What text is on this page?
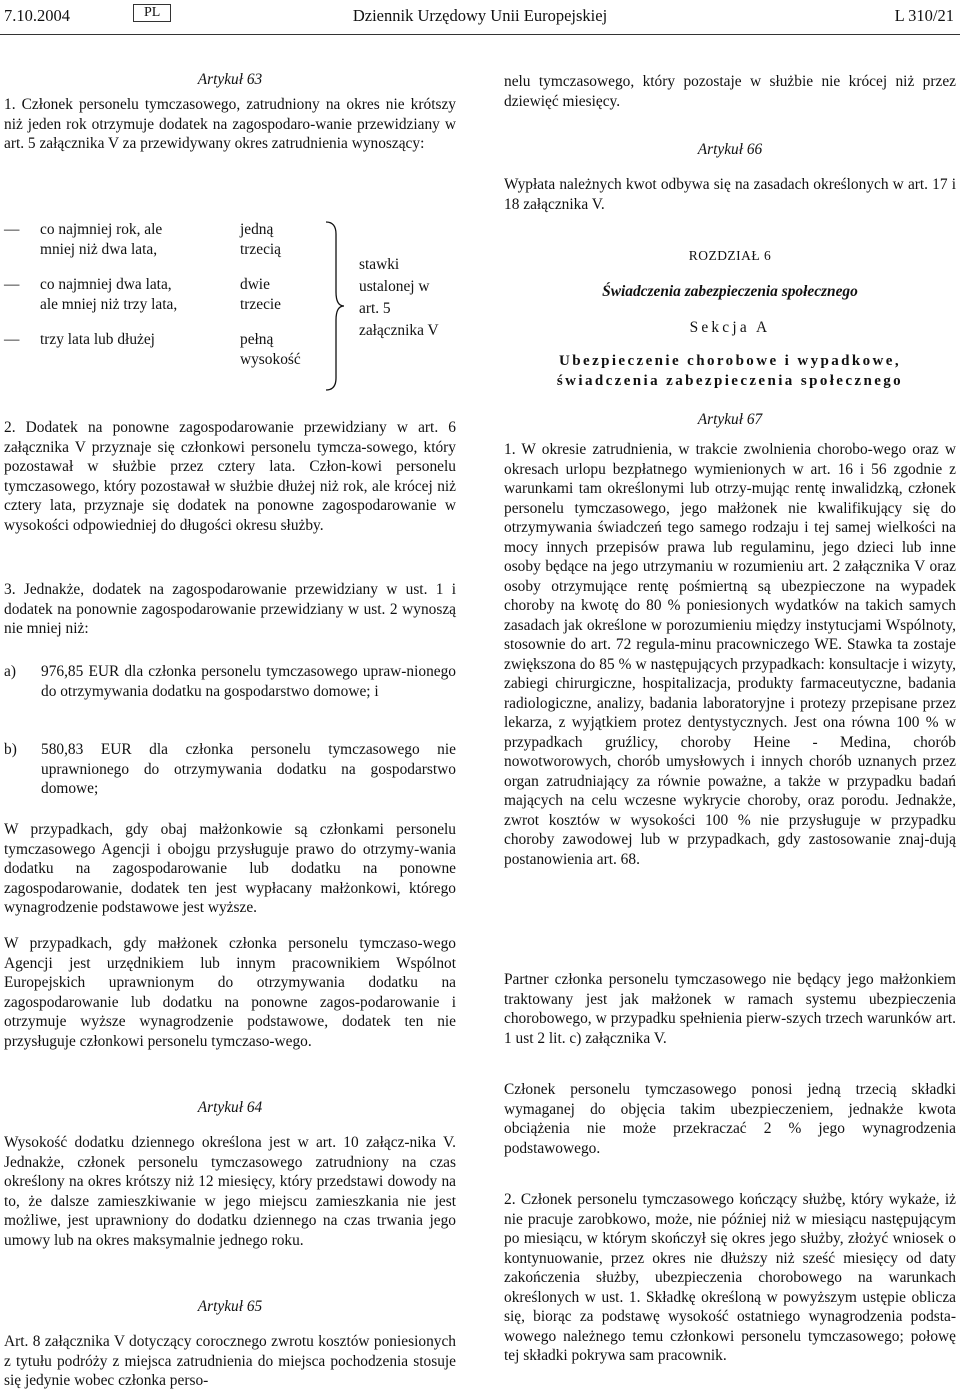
7.10.2004	PL	Dziennik Urzędowy Unii Europejskiej	L 310/21

Artykuł 63

1. Członek personelu tymczasowego, zatrudniony na okres nie krótszy niż jeden rok otrzymuje dodatek na zagospodaro-wanie przewidziany w art. 5 załącznika V za przewidywany okres zatrudnienia wynoszący:

— co najmniej rok, ale	jedną
mniej niż dwa lata,	trzecią
— co najmniej dwa lata,	dwie
ale mniej niż trzy lata,	trzecie
— trzy lata lub dłużej	pełną
wysokość
stawki
ustalonej w
art. 5
załącznika V

2. Dodatek na ponowne zagospodarowanie przewidziany w art. 6 załącznika V przyznaje się członkowi personelu tymcza-sowego, który pozostawał w służbie przez cztery lata. Człon-kowi personelu tymczasowego, który pozostawał w służbie dłużej niż rok, ale krócej niż cztery lata, przyznaje się dodatek na ponowne zagospodarowanie w wysokości odpowiedniej do długości okresu służby.

3. Jednakże, dodatek na zagospodarowanie przewidziany w ust. 1 i dodatek na ponownie zagospodarowanie przewidziany w ust. 2 wynoszą nie mniej niż:

a) 976,85 EUR dla członka personelu tymczasowego upraw-nionego do otrzymywania dodatku na gospodarstwo domowe; i

b) 580,83 EUR dla członka personelu tymczasowego nie uprawnionego do otrzymywania dodatku na gospodarstwo domowe;

W przypadkach, gdy obaj małżonkowie są członkami personelu tymczasowego Agencji i obojgu przysługuje prawo do otrzymy-wania dodatku na zagospodarowanie lub dodatku na ponowne zagospodarowanie, dodatek ten jest wypłacany małżonkowi, którego wynagrodzenie podstawowe jest wyższe.

W przypadkach, gdy małżonek członka personelu tymczaso-wego Agencji jest urzędnikiem lub innym pracownikiem Wspólnot Europejskich uprawnionym do otrzymywania dodatku na zagospodarowanie lub dodatku na ponowne zagos-podarowanie i otrzymuje wyższe wynagrodzenie podstawowe, dodatek ten nie przysługuje członkowi personelu tymczaso-wego.

Artykuł 64

Wysokość dodatku dziennego określona jest w art. 10 załącz-nika V. Jednakże, członek personelu tymczasowego zatrudniony na czas określony na okres krótszy niż 12 miesięcy, który przedstawi dowody na to, że dalsze zamieszkiwanie w jego miejscu zamieszkania nie jest możliwe, jest uprawniony do dodatku dziennego na czas trwania jego umowy lub na okres maksymalnie jednego roku.

Artykuł 65

Art. 8 załącznika V dotyczący corocznego zwrotu kosztów poniesionych z tytułu podróży z miejsca zatrudnienia do miejsca pochodzenia stosuje się jedynie wobec członka perso-

nelu tymczasowego, który pozostaje w służbie nie krócej niż przez dziewięć miesięcy.

Artykuł 66

Wypłata należnych kwot odbywa się na zasadach określonych w art. 17 i 18 załącznika V.

ROZDZIAŁ 6

Świadczenia zabezpieczenia społecznego

Sekcja A

Ubezpieczenie chorobowe i wypadkowe,

świadczenia zabezpieczenia społecznego

Artykuł 67

1. W okresie zatrudnienia, w trakcie zwolnienia chorobo-wego oraz w okresach urlopu bezpłatnego wymienionych w art. 16 i 56 zgodnie z warunkami tam określonymi lub otrzy-mując rentę inwalidzką, członek personelu tymczasowego, jego małżonek nie kwalifikujący się do otrzymywania świadczeń tego samego rodzaju i tej samej wielkości na mocy innych przepisów prawa lub regulaminu, jego dzieci lub inne osoby będące na jego utrzymaniu w rozumieniu art. 2 załącznika V oraz osoby otrzymujące rentę pośmiertną są ubezpieczone na wypadek choroby na kwotę do 80 % poniesionych wydatków na takich samych zasadach jak określone w porozumieniu między instytucjami Wspólnoty, stosownie do art. 72 regula-minu pracowniczego WE. Stawka ta zostaje zwiększona do 85 % w następujących przypadkach: konsultacje i wizyty, zabiegi chirurgiczne, hospitalizacja, produkty farmaceutyczne, badania radiologiczne, analizy, badania laboratoryjne i protezy przepisane przez lekarza, z wyjątkiem protez dentystycznych. Jest ona równa 100 % w przypadkach gruźlicy, choroby Heine - Medina, chorób nowotworowych, chorób umysłowych i innych chorób uznanych przez organ zatrudniający za równie poważne, a także w przypadku badań mających na celu wczesne wykrycie choroby, oraz porodu. Jednakże, zwrot kosztów w wysokości 100 % nie przysługuje w przypadku choroby zawodowej lub w przypadkach, gdy zastosowanie znaj-dują postanowienia art. 68.

Partner członka personelu tymczasowego nie będący jego małżonkiem traktowany jest jak małżonek w ramach systemu ubezpieczenia chorobowego, w przypadku spełnienia pierw-szych trzech warunków art. 1 ust 2 lit. c) załącznika V.

Członek personelu tymczasowego ponosi jedną trzecią składki wymaganej do objęcia takim ubezpieczeniem, jednakże kwota obciążenia nie może przekraczać 2 % jego wynagrodzenia podstawowego.

2. Członek personelu tymczasowego kończący służbę, który wykaże, iż nie pracuje zarobkowo, może, nie później niż w miesiącu następującym po miesiącu, w którym skończył się okres jego służby, złożyć wniosek o kontynuowanie, przez okres nie dłuższy niż sześć miesięcy od daty zakończenia służby, ubezpieczenia chorobowego na warunkach określonych w ust. 1. Składkę określoną w powyższym ustępie oblicza się, biorąc za podstawę wysokość ostatniego wynagrodzenia podsta-wowego należnego temu członkowi personelu tymczasowego; połowę tej składki pokrywa sam pracownik.
